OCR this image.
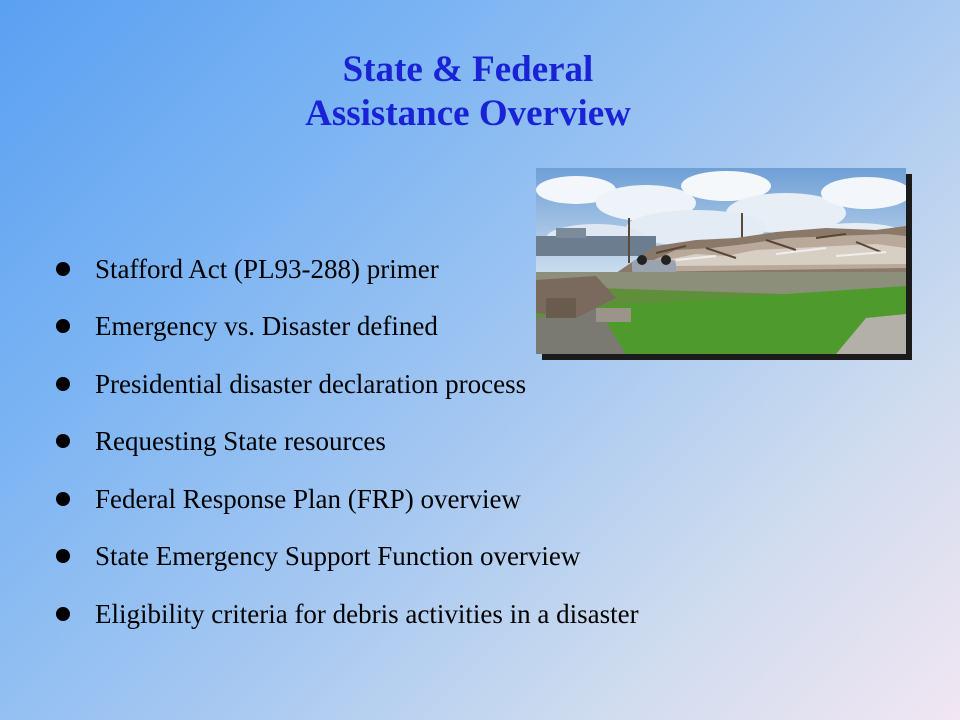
State & Federal
Assistance Overview
Stafford Act (PL93-288) primer
Emergency vs. Disaster defined
Presidential disaster declaration process
Requesting State resources
Federal Response Plan (FRP) overview
State Emergency Support Function overview
Eligibility criteria for debris activities in a disaster
